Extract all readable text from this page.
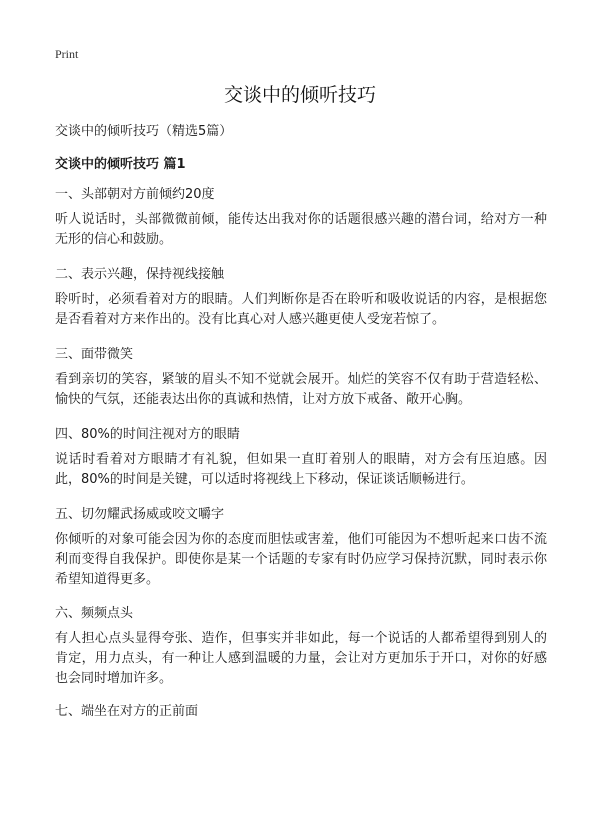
Print
交谈中的倾听技巧
交谈中的倾听技巧（精选5篇）
交谈中的倾听技巧 篇1
一、头部朝对方前倾约20度
听人说话时，头部微微前倾，能传达出我对你的话题很感兴趣的潜台词，给对方一种无形的信心和鼓励。
二、表示兴趣，保持视线接触
聆听时，必须看着对方的眼睛。人们判断你是否在聆听和吸收说话的内容，是根据您是否看着对方来作出的。没有比真心对人感兴趣更使人受宠若惊了。
三、面带微笑
看到亲切的笑容，紧皱的眉头不知不觉就会展开。灿烂的笑容不仅有助于营造轻松、愉快的气氛，还能表达出你的真诚和热情，让对方放下戒备、敞开心胸。
四、80%的时间注视对方的眼睛
说话时看着对方眼睛才有礼貌，但如果一直盯着别人的眼睛，对方会有压迫感。因此，80%的时间是关键，可以适时将视线上下移动，保证谈话顺畅进行。
五、切勿耀武扬威或咬文嚼字
你倾听的对象可能会因为你的态度而胆怯或害羞，他们可能因为不想听起来口齿不流利而变得自我保护。即使你是某一个话题的专家有时仍应学习保持沉默，同时表示你希望知道得更多。
六、频频点头
有人担心点头显得夸张、造作，但事实并非如此，每一个说话的人都希望得到别人的肯定，用力点头，有一种让人感到温暖的力量，会让对方更加乐于开口，对你的好感也会同时增加许多。
七、端坐在对方的正前面
